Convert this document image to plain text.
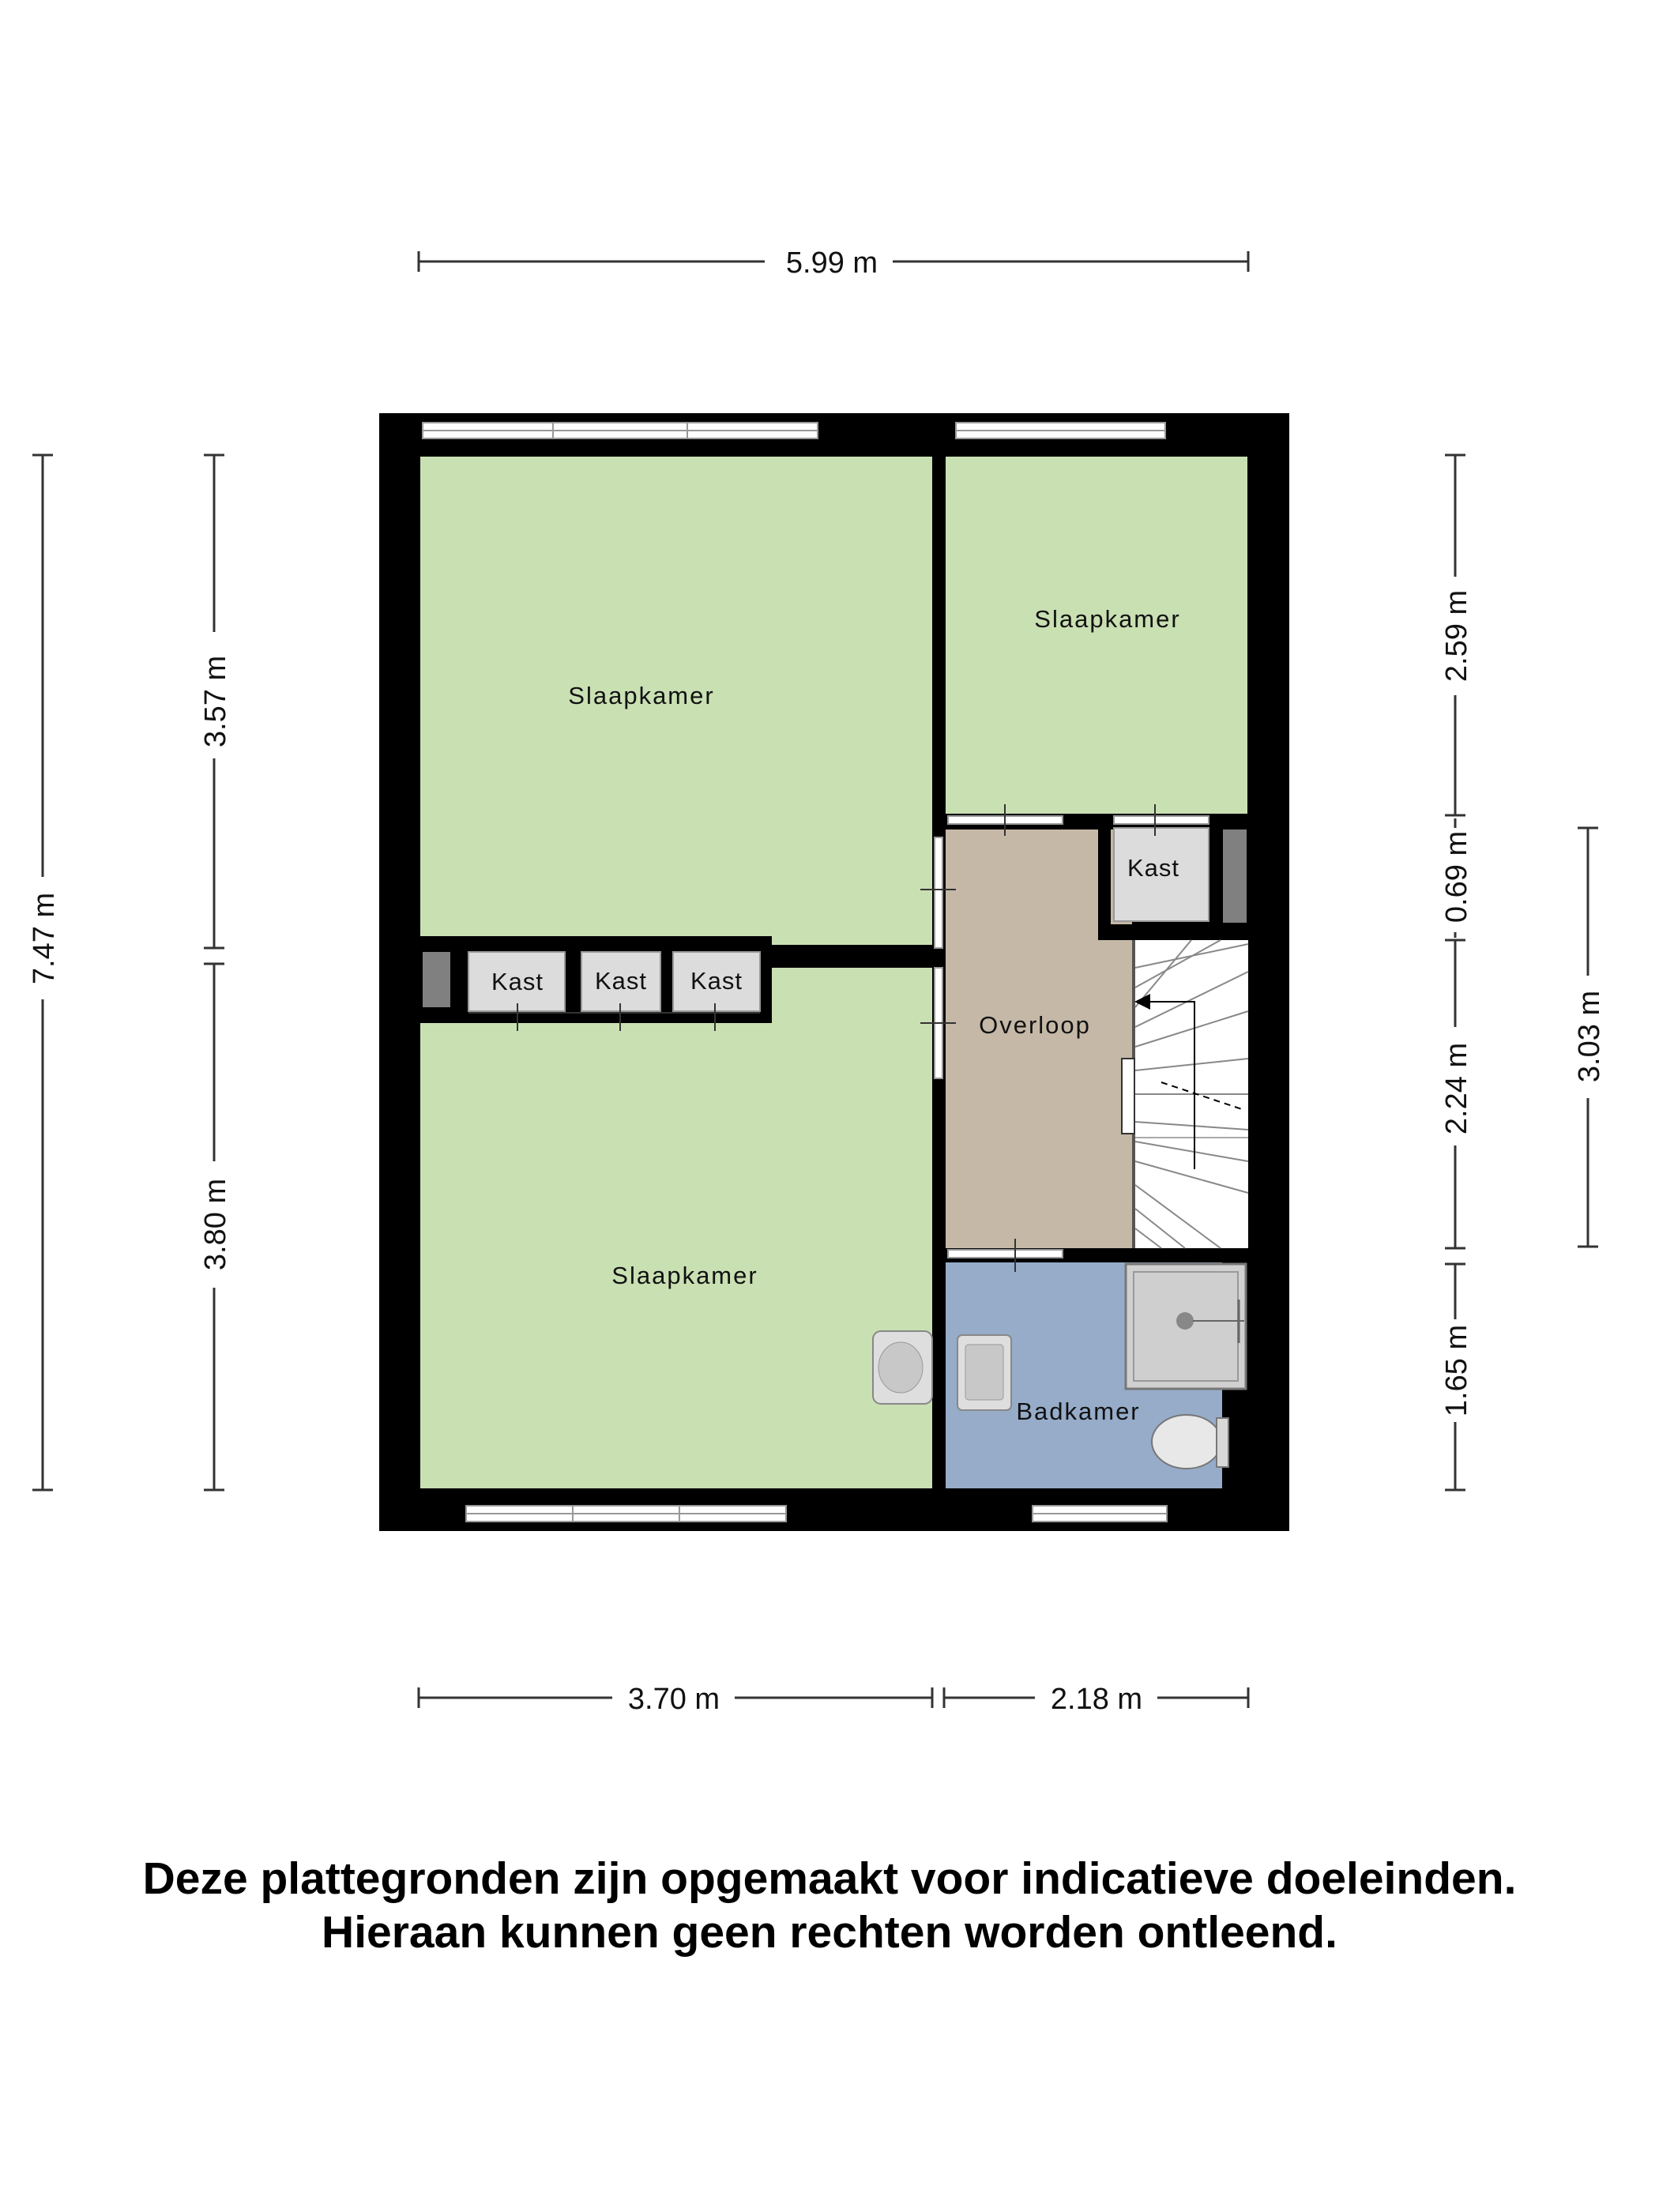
5.99 m
3.70 m	2.18 m
7.47 m
3.57 m
3.80 m
2.59 m
0.69 m
2.24 m
1.65 m
3.03 m
Slaapkamer
Slaapkamer
Slaapkamer
Overloop
Badkamer
Kast Kast Kast
Kast

Deze plattegronden zijn opgemaakt voor indicatieve doeleinden.

Hieraan kunnen geen rechten worden ontleend.
